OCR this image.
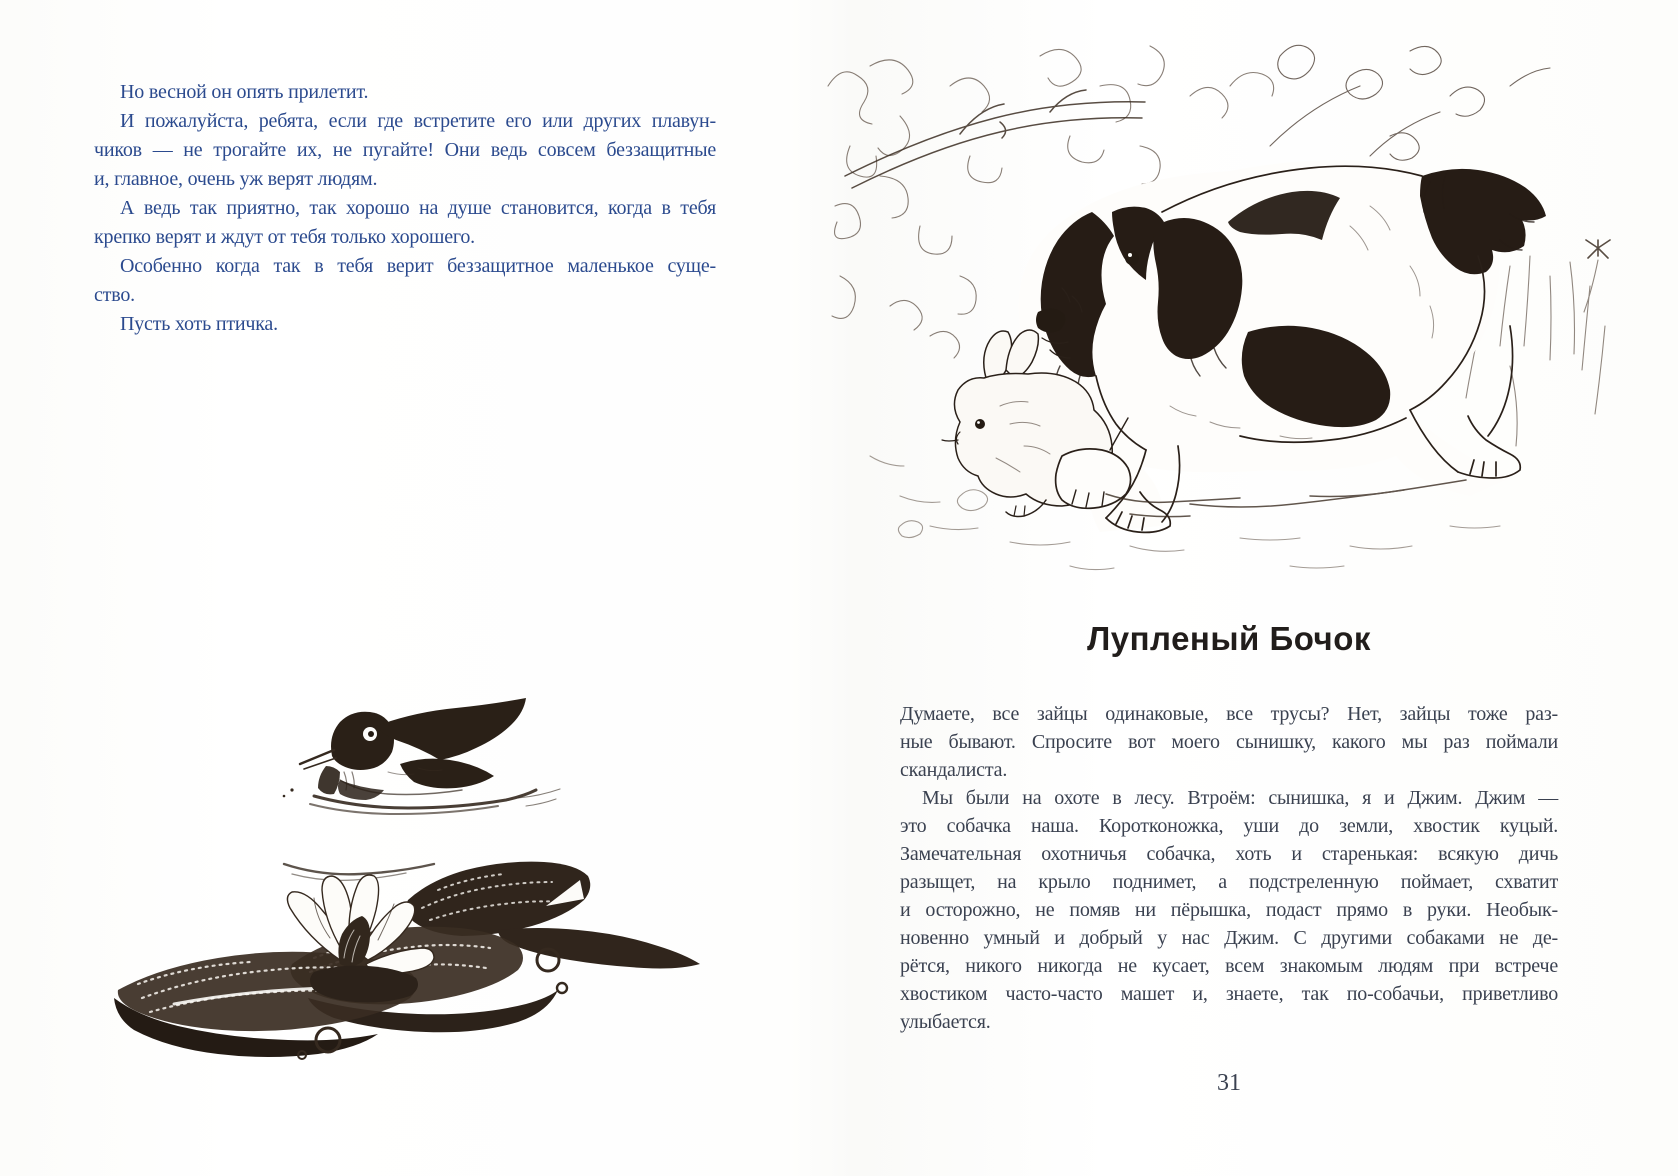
Но весной он опять прилетит.
И пожалуйста, ребята, если где встретите его или других плавун-
чиков — не трогайте их, не пугайте! Они ведь совсем беззащитные
и, главное, очень уж верят людям.
А ведь так приятно, так хорошо на душе становится, когда в тебя
крепко верят и ждут от тебя только хорошего.
Особенно когда так в тебя верит беззащитное маленькое суще-
ство.
Пусть хоть птичка.
Лупленый Бочок
Думаете, все зайцы одинаковые, все трусы? Нет, зайцы тоже раз-
ные бывают. Спросите вот моего сынишку, какого мы раз поймали
скандалиста.
Мы были на охоте в лесу. Втроём: сынишка, я и Джим. Джим —
это собачка наша. Коротконожка, уши до земли, хвостик куцый.
Замечательная охотничья собачка, хоть и старенькая: всякую дичь
разыщет, на крыло поднимет, а подстреленную поймает, схватит
и осторожно, не помяв ни пёрышка, подаст прямо в руки. Необык-
новенно умный и добрый у нас Джим. С другими собаками не де-
рётся, никого никогда не кусает, всем знакомым людям при встрече
хвостиком часто-часто машет и, знаете, так по-собачьи, приветливо
улыбается.
31
